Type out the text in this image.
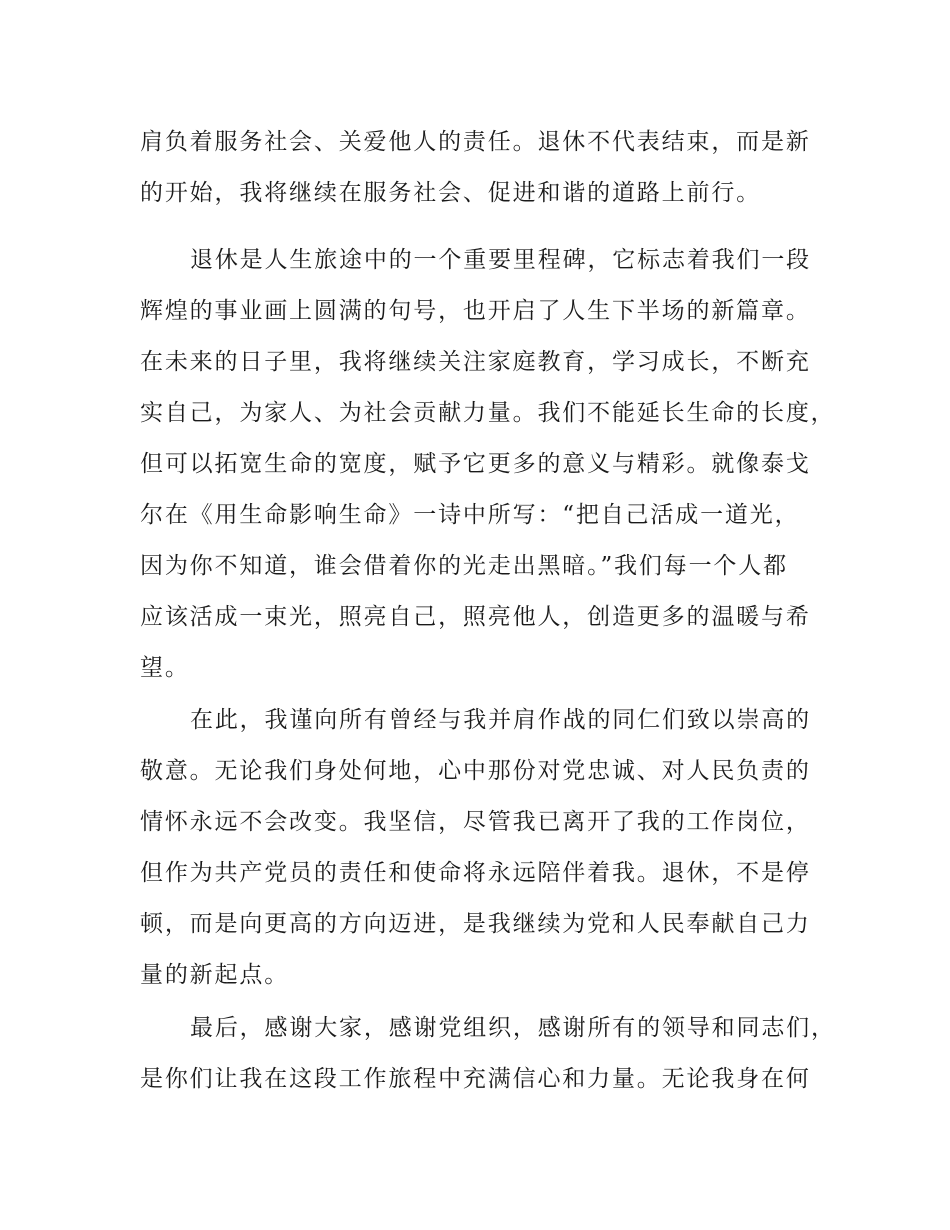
肩负着服务社会、关爱他人的责任。退休不代表结束，而是新
的开始，我将继续在服务社会、促进和谐的道路上前行。
退休是人生旅途中的一个重要里程碑，它标志着我们一段
辉煌的事业画上圆满的句号，也开启了人生下半场的新篇章。
在未来的日子里，我将继续关注家庭教育，学习成长，不断充
实自己，为家人、为社会贡献力量。我们不能延长生命的长度，
但可以拓宽生命的宽度，赋予它更多的意义与精彩。就像泰戈
尔在《用生命影响生命》一诗中所写：“把自己活成一道光，
因为你不知道，谁会借着你的光走出黑暗。”我们每一个人都
应该活成一束光，照亮自己，照亮他人，创造更多的温暖与希
望。
在此，我谨向所有曾经与我并肩作战的同仁们致以崇高的
敬意。无论我们身处何地，心中那份对党忠诚、对人民负责的
情怀永远不会改变。我坚信，尽管我已离开了我的工作岗位，
但作为共产党员的责任和使命将永远陪伴着我。退休，不是停
顿，而是向更高的方向迈进，是我继续为党和人民奉献自己力
量的新起点。
最后，感谢大家，感谢党组织，感谢所有的领导和同志们，
是你们让我在这段工作旅程中充满信心和力量。无论我身在何
